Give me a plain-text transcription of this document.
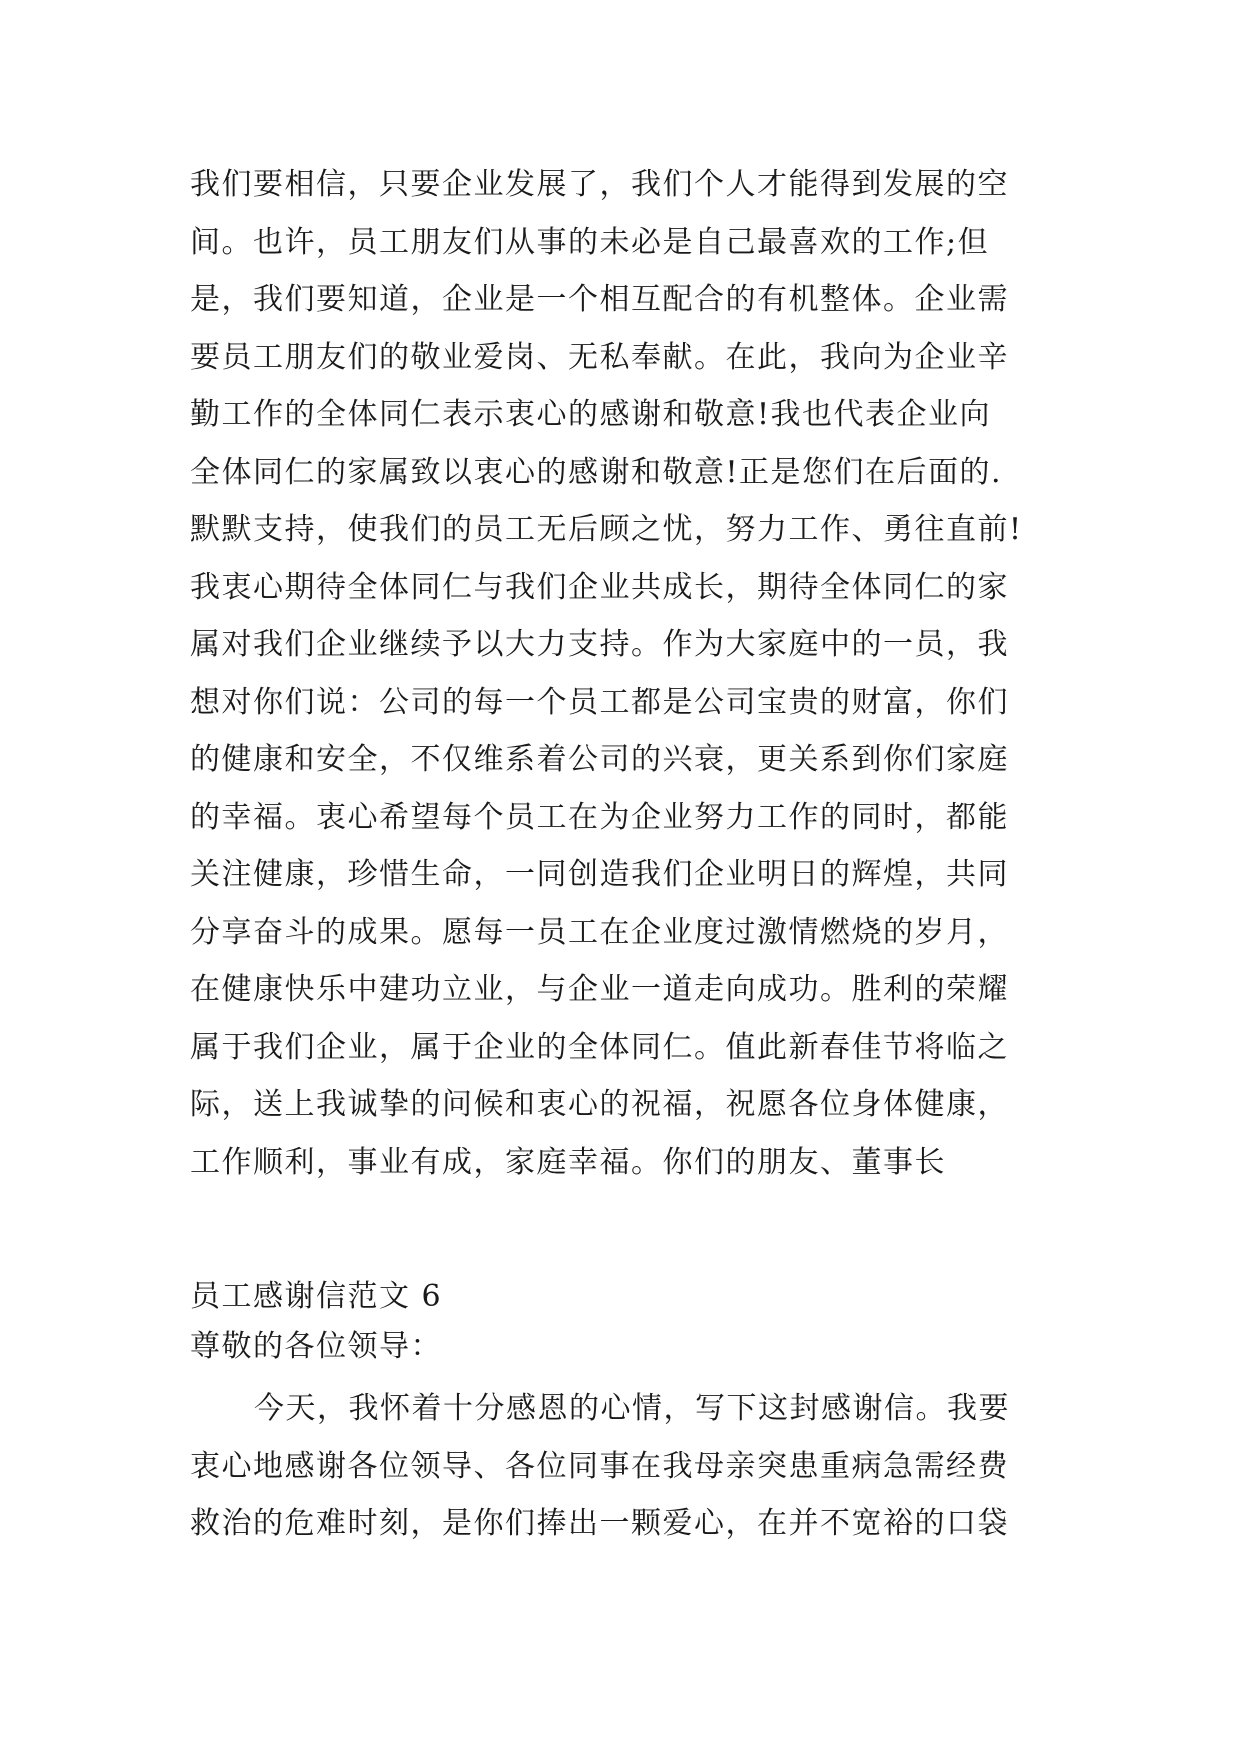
我们要相信，只要企业发展了，我们个人才能得到发展的空
间。也许，员工朋友们从事的未必是自己最喜欢的工作;但
是，我们要知道，企业是一个相互配合的有机整体。企业需
要员工朋友们的敬业爱岗、无私奉献。在此，我向为企业辛
勤工作的全体同仁表示衷心的感谢和敬意!我也代表企业向
全体同仁的家属致以衷心的感谢和敬意!正是您们在后面的.
默默支持，使我们的员工无后顾之忧，努力工作、勇往直前!
我衷心期待全体同仁与我们企业共成长，期待全体同仁的家
属对我们企业继续予以大力支持。作为大家庭中的一员，我
想对你们说：公司的每一个员工都是公司宝贵的财富，你们
的健康和安全，不仅维系着公司的兴衰，更关系到你们家庭
的幸福。衷心希望每个员工在为企业努力工作的同时，都能
关注健康，珍惜生命，一同创造我们企业明日的辉煌，共同
分享奋斗的成果。愿每一员工在企业度过激情燃烧的岁月，
在健康快乐中建功立业，与企业一道走向成功。胜利的荣耀
属于我们企业，属于企业的全体同仁。值此新春佳节将临之
际，送上我诚挚的问候和衷心的祝福，祝愿各位身体健康，
工作顺利，事业有成，家庭幸福。你们的朋友、董事长
员工感谢信范文 6
尊敬的各位领导：
今天，我怀着十分感恩的心情，写下这封感谢信。我要
衷心地感谢各位领导、各位同事在我母亲突患重病急需经费
救治的危难时刻，是你们捧出一颗爱心，在并不宽裕的口袋
